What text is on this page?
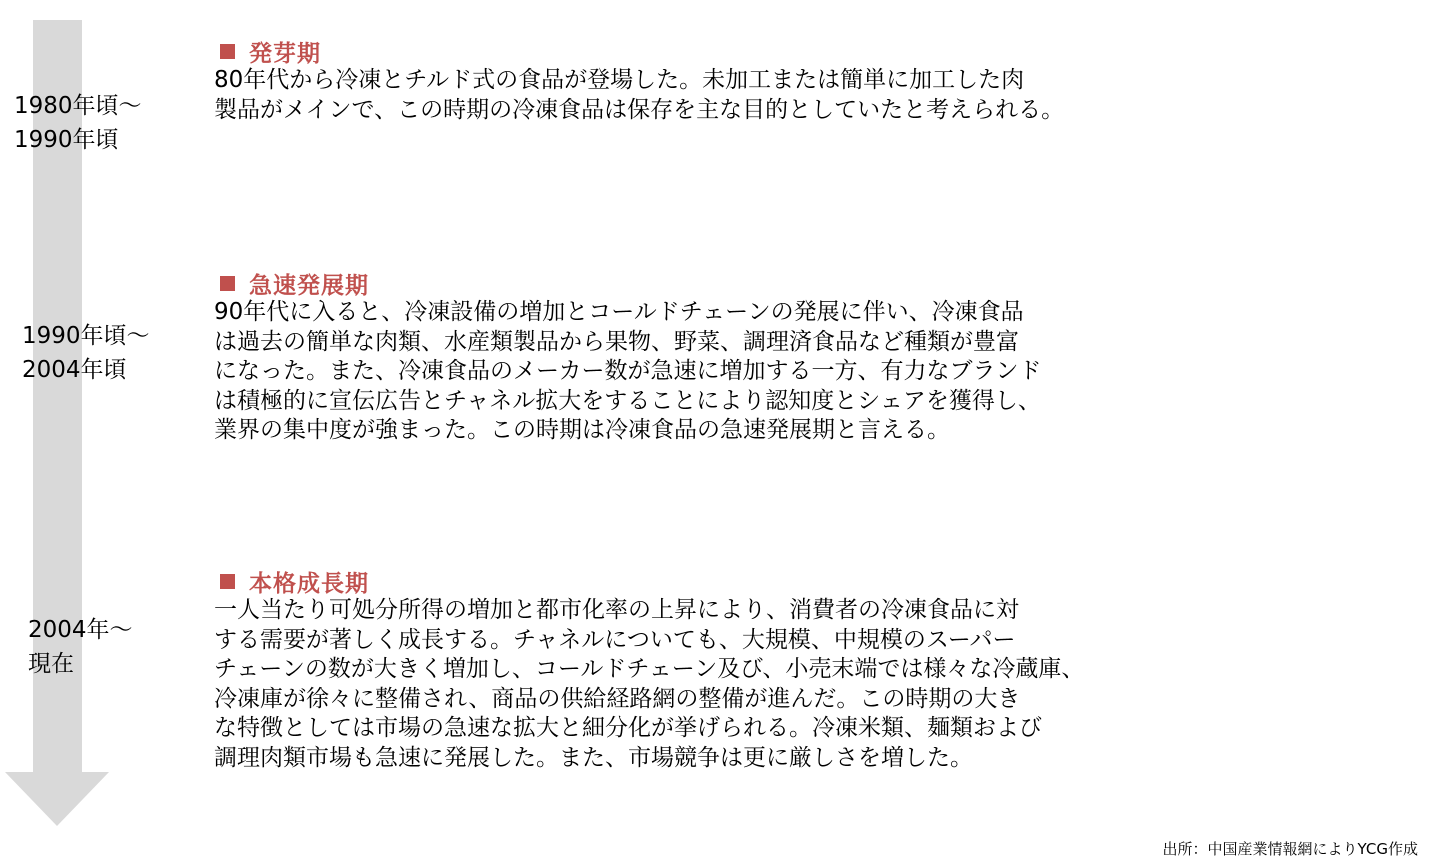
1980年頃～
1990年頃
1990年頃～
2004年頃
2004年～
現在
発芽期
80年代から冷凍とチルド式の食品が登場した。未加工または簡単に加工した肉
製品がメインで、この時期の冷凍食品は保存を主な目的としていたと考えられる。
急速発展期
90年代に入ると、冷凍設備の増加とコールドチェーンの発展に伴い、冷凍食品
は過去の簡単な肉類、水産類製品から果物、野菜、調理済食品など種類が豊富
になった。また、冷凍食品のメーカー数が急速に増加する一方、有力なブランド
は積極的に宣伝広告とチャネル拡大をすることにより認知度とシェアを獲得し、
業界の集中度が強まった。この時期は冷凍食品の急速発展期と言える。
本格成長期
一人当たり可処分所得の増加と都市化率の上昇により、消費者の冷凍食品に対
する需要が著しく成長する。チャネルについても、大規模、中規模のスーパー
チェーンの数が大きく増加し、コールドチェーン及び、小売末端では様々な冷蔵庫、
冷凍庫が徐々に整備され、商品の供給経路網の整備が進んだ。この時期の大き
な特徴としては市場の急速な拡大と細分化が挙げられる。冷凍米類、麺類および
調理肉類市場も急速に発展した。また、市場競争は更に厳しさを増した。
出所：中国産業情報網によりYCG作成
